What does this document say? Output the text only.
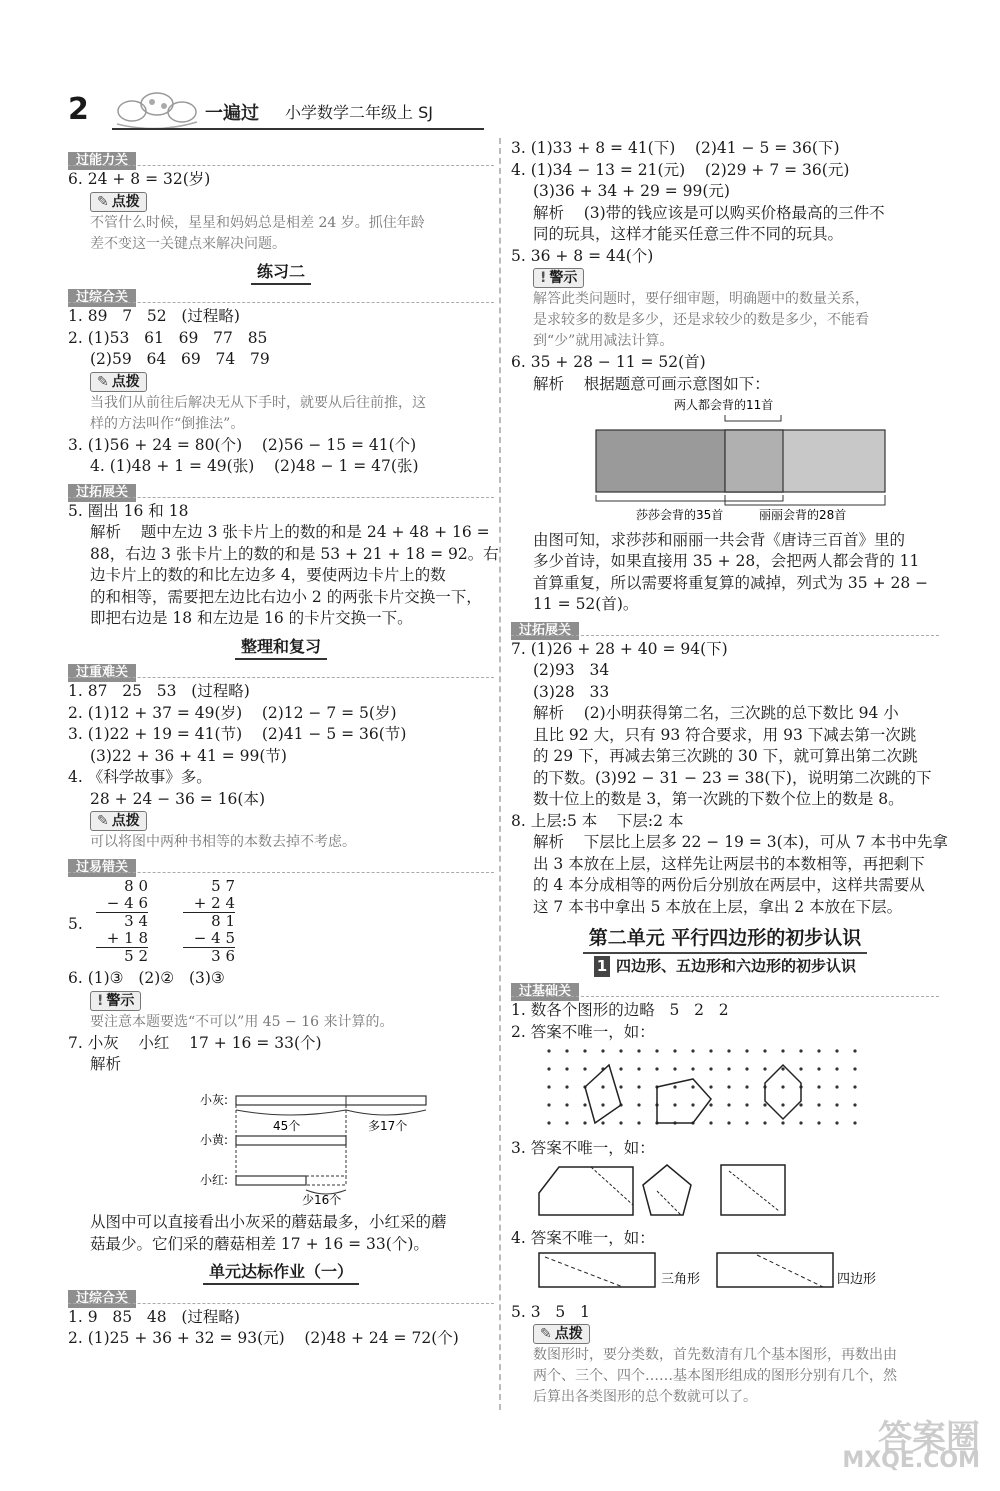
2	一遍过 小学数学二年级上 SJ
过能力关
6. 24 + 8 = 32(岁)
✎ 点拨
不管什么时候，星星和妈妈总是相差 24 岁。抓住年龄
差不变这一关键点来解决问题。
练习二
过综合关
1. 89   7   52   (过程略)
2. (1)53   61   69   77   85
(2)59   64   69   74   79
✎ 点拨
当我们从前往后解决无从下手时，就要从后往前推，这
样的方法叫作“倒推法”。
3. (1)56 + 24 = 80(个)    (2)56 − 15 = 41(个)
4. (1)48 + 1 = 49(张)    (2)48 − 1 = 47(张)
过拓展关
5. 圈出 16 和 18
解析    题中左边 3 张卡片上的数的和是 24 + 48 + 16 =
88，右边 3 张卡片上的数的和是 53 + 21 + 18 = 92。右
边卡片上的数的和比左边多 4，要使两边卡片上的数
的和相等，需要把左边比右边小 2 的两张卡片交换一下，
即把右边是 18 和左边是 16 的卡片交换一下。
整理和复习
过重难关
1. 87   25   53   (过程略)
2. (1)12 + 37 = 49(岁)    (2)12 − 7 = 5(岁)
3. (1)22 + 19 = 41(节)    (2)41 − 5 = 36(节)
(3)22 + 36 + 41 = 99(节)
4. 《科学故事》多。
28 + 24 − 36 = 16(本)
✎ 点拨
可以将图中两种书相等的本数去掉不考虑。
过易错关
5.
8 0
− 4 6
3 4
+ 1 8
5 2
5 7
+ 2 4
8 1
− 4 5
3 6
6. (1)③   (2)②   (3)③
! 警示
要注意本题要选“不可以”用 45 − 16 来计算的。
7. 小灰    小红    17 + 16 = 33(个)
解析
小灰:
小黄:
小红:
45个	多17个
少16个
从图中可以直接看出小灰采的蘑菇最多，小红采的蘑
菇最少。它们采的蘑菇相差 17 + 16 = 33(个)。
单元达标作业（一）
过综合关
1. 9   85   48   (过程略)
2. (1)25 + 36 + 32 = 93(元)    (2)48 + 24 = 72(个)
3. (1)33 + 8 = 41(下)    (2)41 − 5 = 36(下)
4. (1)34 − 13 = 21(元)    (2)29 + 7 = 36(元)
(3)36 + 34 + 29 = 99(元)
解析    (3)带的钱应该是可以购买价格最高的三件不
同的玩具，这样才能买任意三件不同的玩具。
5. 36 + 8 = 44(个)
! 警示
解答此类问题时，要仔细审题，明确题中的数量关系，
是求较多的数是多少，还是求较少的数是多少，不能看
到“少”就用减法计算。
6. 35 + 28 − 11 = 52(首)
解析    根据题意可画示意图如下：
两人都会背的11首
莎莎会背的35首	丽丽会背的28首
由图可知，求莎莎和丽丽一共会背《唐诗三百首》里的
多少首诗，如果直接用 35 + 28，会把两人都会背的 11
首算重复，所以需要将重复算的减掉，列式为 35 + 28 −
11 = 52(首)。
过拓展关
7. (1)26 + 28 + 40 = 94(下)
(2)93   34
(3)28   33
解析    (2)小明获得第二名，三次跳的总下数比 94 小
且比 92 大，只有 93 符合要求，用 93 下减去第一次跳
的 29 下，再减去第三次跳的 30 下，就可算出第二次跳
的下数。(3)92 − 31 − 23 = 38(下)，说明第二次跳的下
数十位上的数是 3，第一次跳的下数个位上的数是 8。
8. 上层:5 本    下层:2 本
解析    下层比上层多 22 − 19 = 3(本)，可从 7 本书中先拿
出 3 本放在上层，这样先让两层书的本数相等，再把剩下
的 4 本分成相等的两份后分别放在两层中，这样共需要从
这 7 本书中拿出 5 本放在上层，拿出 2 本放在下层。
第二单元 平行四边形的初步认识
1 四边形、五边形和六边形的初步认识
过基础关
1. 数各个图形的边略   5   2   2
2. 答案不唯一，如：
3. 答案不唯一，如：
4. 答案不唯一，如：
三角形	四边形
5. 3   5   1
✎ 点拨
数图形时，要分类数，首先数清有几个基本图形，再数出由
两个、三个、四个……基本图形组成的图形分别有几个，然
后算出各类图形的总个数就可以了。
答案圈
MXQE.COM
